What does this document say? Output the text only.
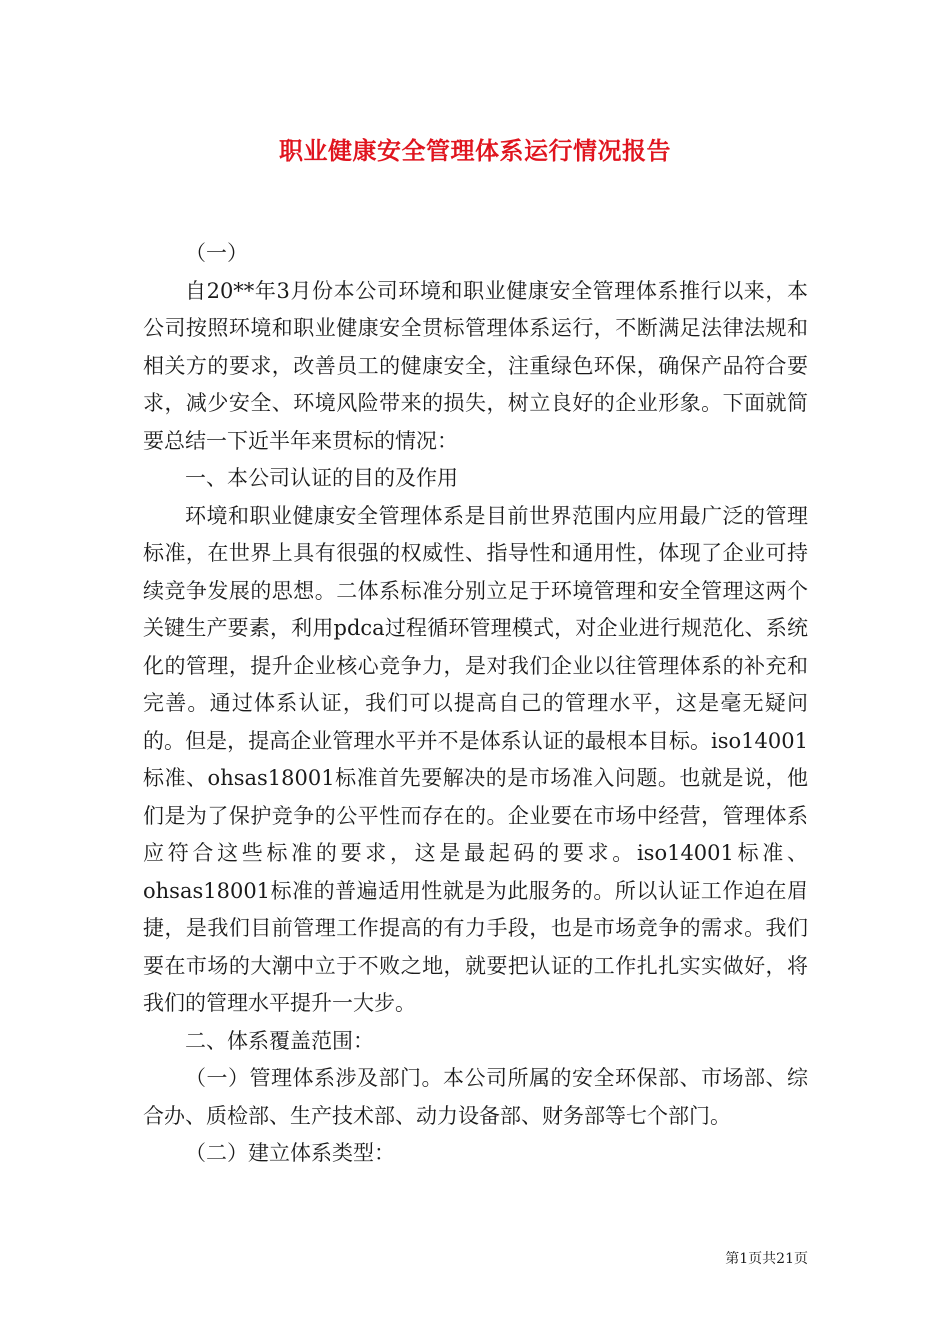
职业健康安全管理体系运行情况报告

（一）

自20**年3月份本公司环境和职业健康安全管理体系推行以来，本公司按照环境和职业健康安全贯标管理体系运行，不断满足法律法规和相关方的要求，改善员工的健康安全，注重绿色环保，确保产品符合要求，减少安全、环境风险带来的损失，树立良好的企业形象。下面就简要总结一下近半年来贯标的情况：

一、本公司认证的目的及作用

环境和职业健康安全管理体系是目前世界范围内应用最广泛的管理标准，在世界上具有很强的权威性、指导性和通用性，体现了企业可持续竞争发展的思想。二体系标准分别立足于环境管理和安全管理这两个关键生产要素，利用pdca过程循环管理模式，对企业进行规范化、系统化的管理，提升企业核心竞争力，是对我们企业以往管理体系的补充和完善。通过体系认证，我们可以提高自己的管理水平，这是毫无疑问的。但是，提高企业管理水平并不是体系认证的最根本目标。iso14001标准、ohsas18001标准首先要解决的是市场准入问题。也就是说，他们是为了保护竞争的公平性而存在的。企业要在市场中经营，管理体系应符合这些标准的要求，这是最起码的要求。iso14001标准、ohsas18001标准的普遍适用性就是为此服务的。所以认证工作迫在眉捷，是我们目前管理工作提高的有力手段，也是市场竞争的需求。我们要在市场的大潮中立于不败之地，就要把认证的工作扎扎实实做好，将我们的管理水平提升一大步。

二、体系覆盖范围：

（一）管理体系涉及部门。本公司所属的安全环保部、市场部、综合办、质检部、生产技术部、动力设备部、财务部等七个部门。

（二）建立体系类型：

第1页共21页
